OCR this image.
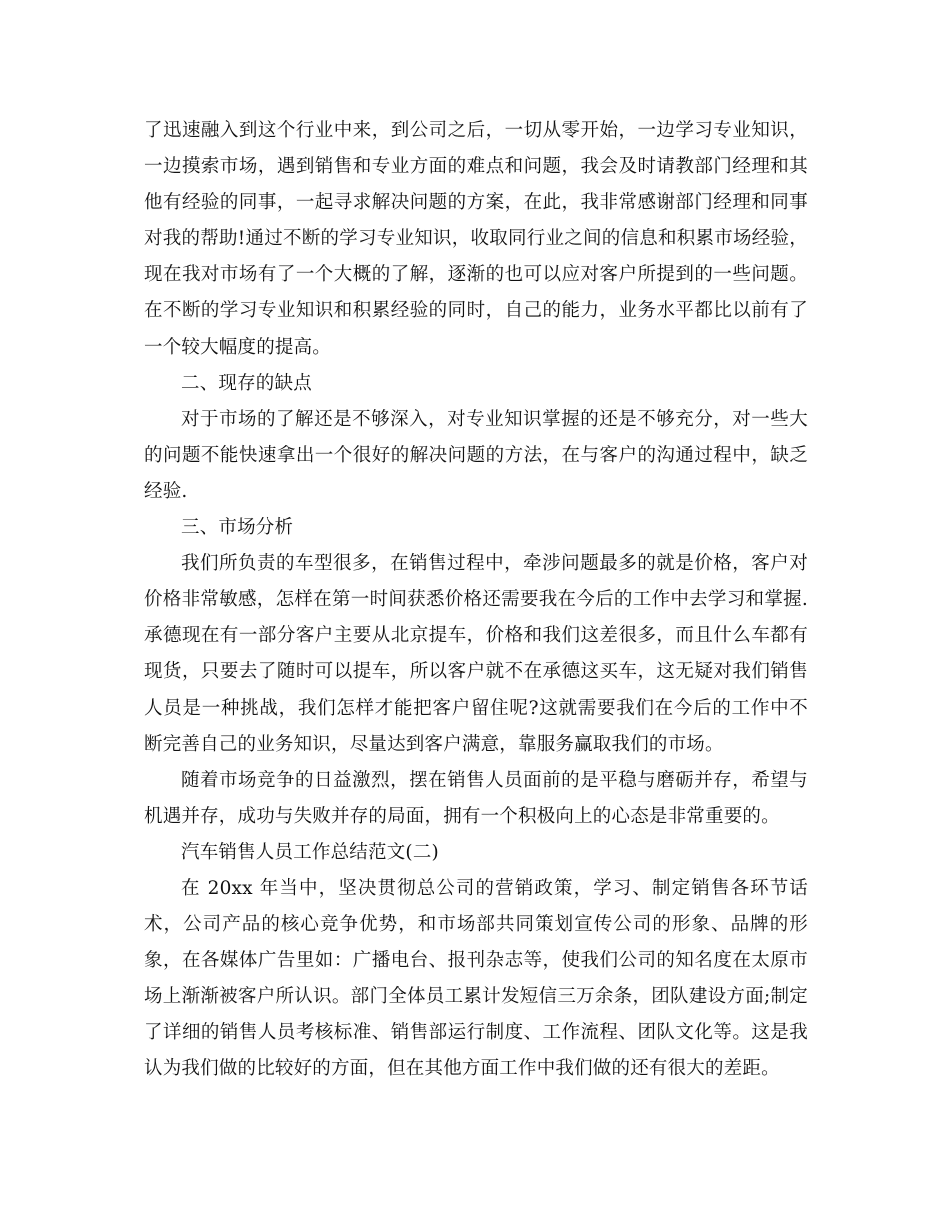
了迅速融入到这个行业中来，到公司之后，一切从零开始，一边学习专业知识，一边摸索市场，遇到销售和专业方面的难点和问题，我会及时请教部门经理和其他有经验的同事，一起寻求解决问题的方案，在此，我非常感谢部门经理和同事对我的帮助!通过不断的学习专业知识，收取同行业之间的信息和积累市场经验，现在我对市场有了一个大概的了解，逐渐的也可以应对客户所提到的一些问题。在不断的学习专业知识和积累经验的同时，自己的能力，业务水平都比以前有了一个较大幅度的提高。

二、现存的缺点

对于市场的了解还是不够深入，对专业知识掌握的还是不够充分，对一些大的问题不能快速拿出一个很好的解决问题的方法，在与客户的沟通过程中，缺乏经验.

三、市场分析

我们所负责的车型很多，在销售过程中，牵涉问题最多的就是价格，客户对价格非常敏感，怎样在第一时间获悉价格还需要我在今后的工作中去学习和掌握.承德现在有一部分客户主要从北京提车，价格和我们这差很多，而且什么车都有现货，只要去了随时可以提车，所以客户就不在承德这买车，这无疑对我们销售人员是一种挑战，我们怎样才能把客户留住呢?这就需要我们在今后的工作中不断完善自己的业务知识，尽量达到客户满意，靠服务赢取我们的市场。

随着市场竞争的日益激烈，摆在销售人员面前的是平稳与磨砺并存，希望与机遇并存，成功与失败并存的局面，拥有一个积极向上的心态是非常重要的。

汽车销售人员工作总结范文(二)

在 20xx 年当中，坚决贯彻总公司的营销政策，学习、制定销售各环节话术，公司产品的核心竞争优势，和市场部共同策划宣传公司的形象、品牌的形象，在各媒体广告里如：广播电台、报刊杂志等，使我们公司的知名度在太原市场上渐渐被客户所认识。部门全体员工累计发短信三万余条，团队建设方面;制定了详细的销售人员考核标准、销售部运行制度、工作流程、团队文化等。这是我认为我们做的比较好的方面，但在其他方面工作中我们做的还有很大的差距。
